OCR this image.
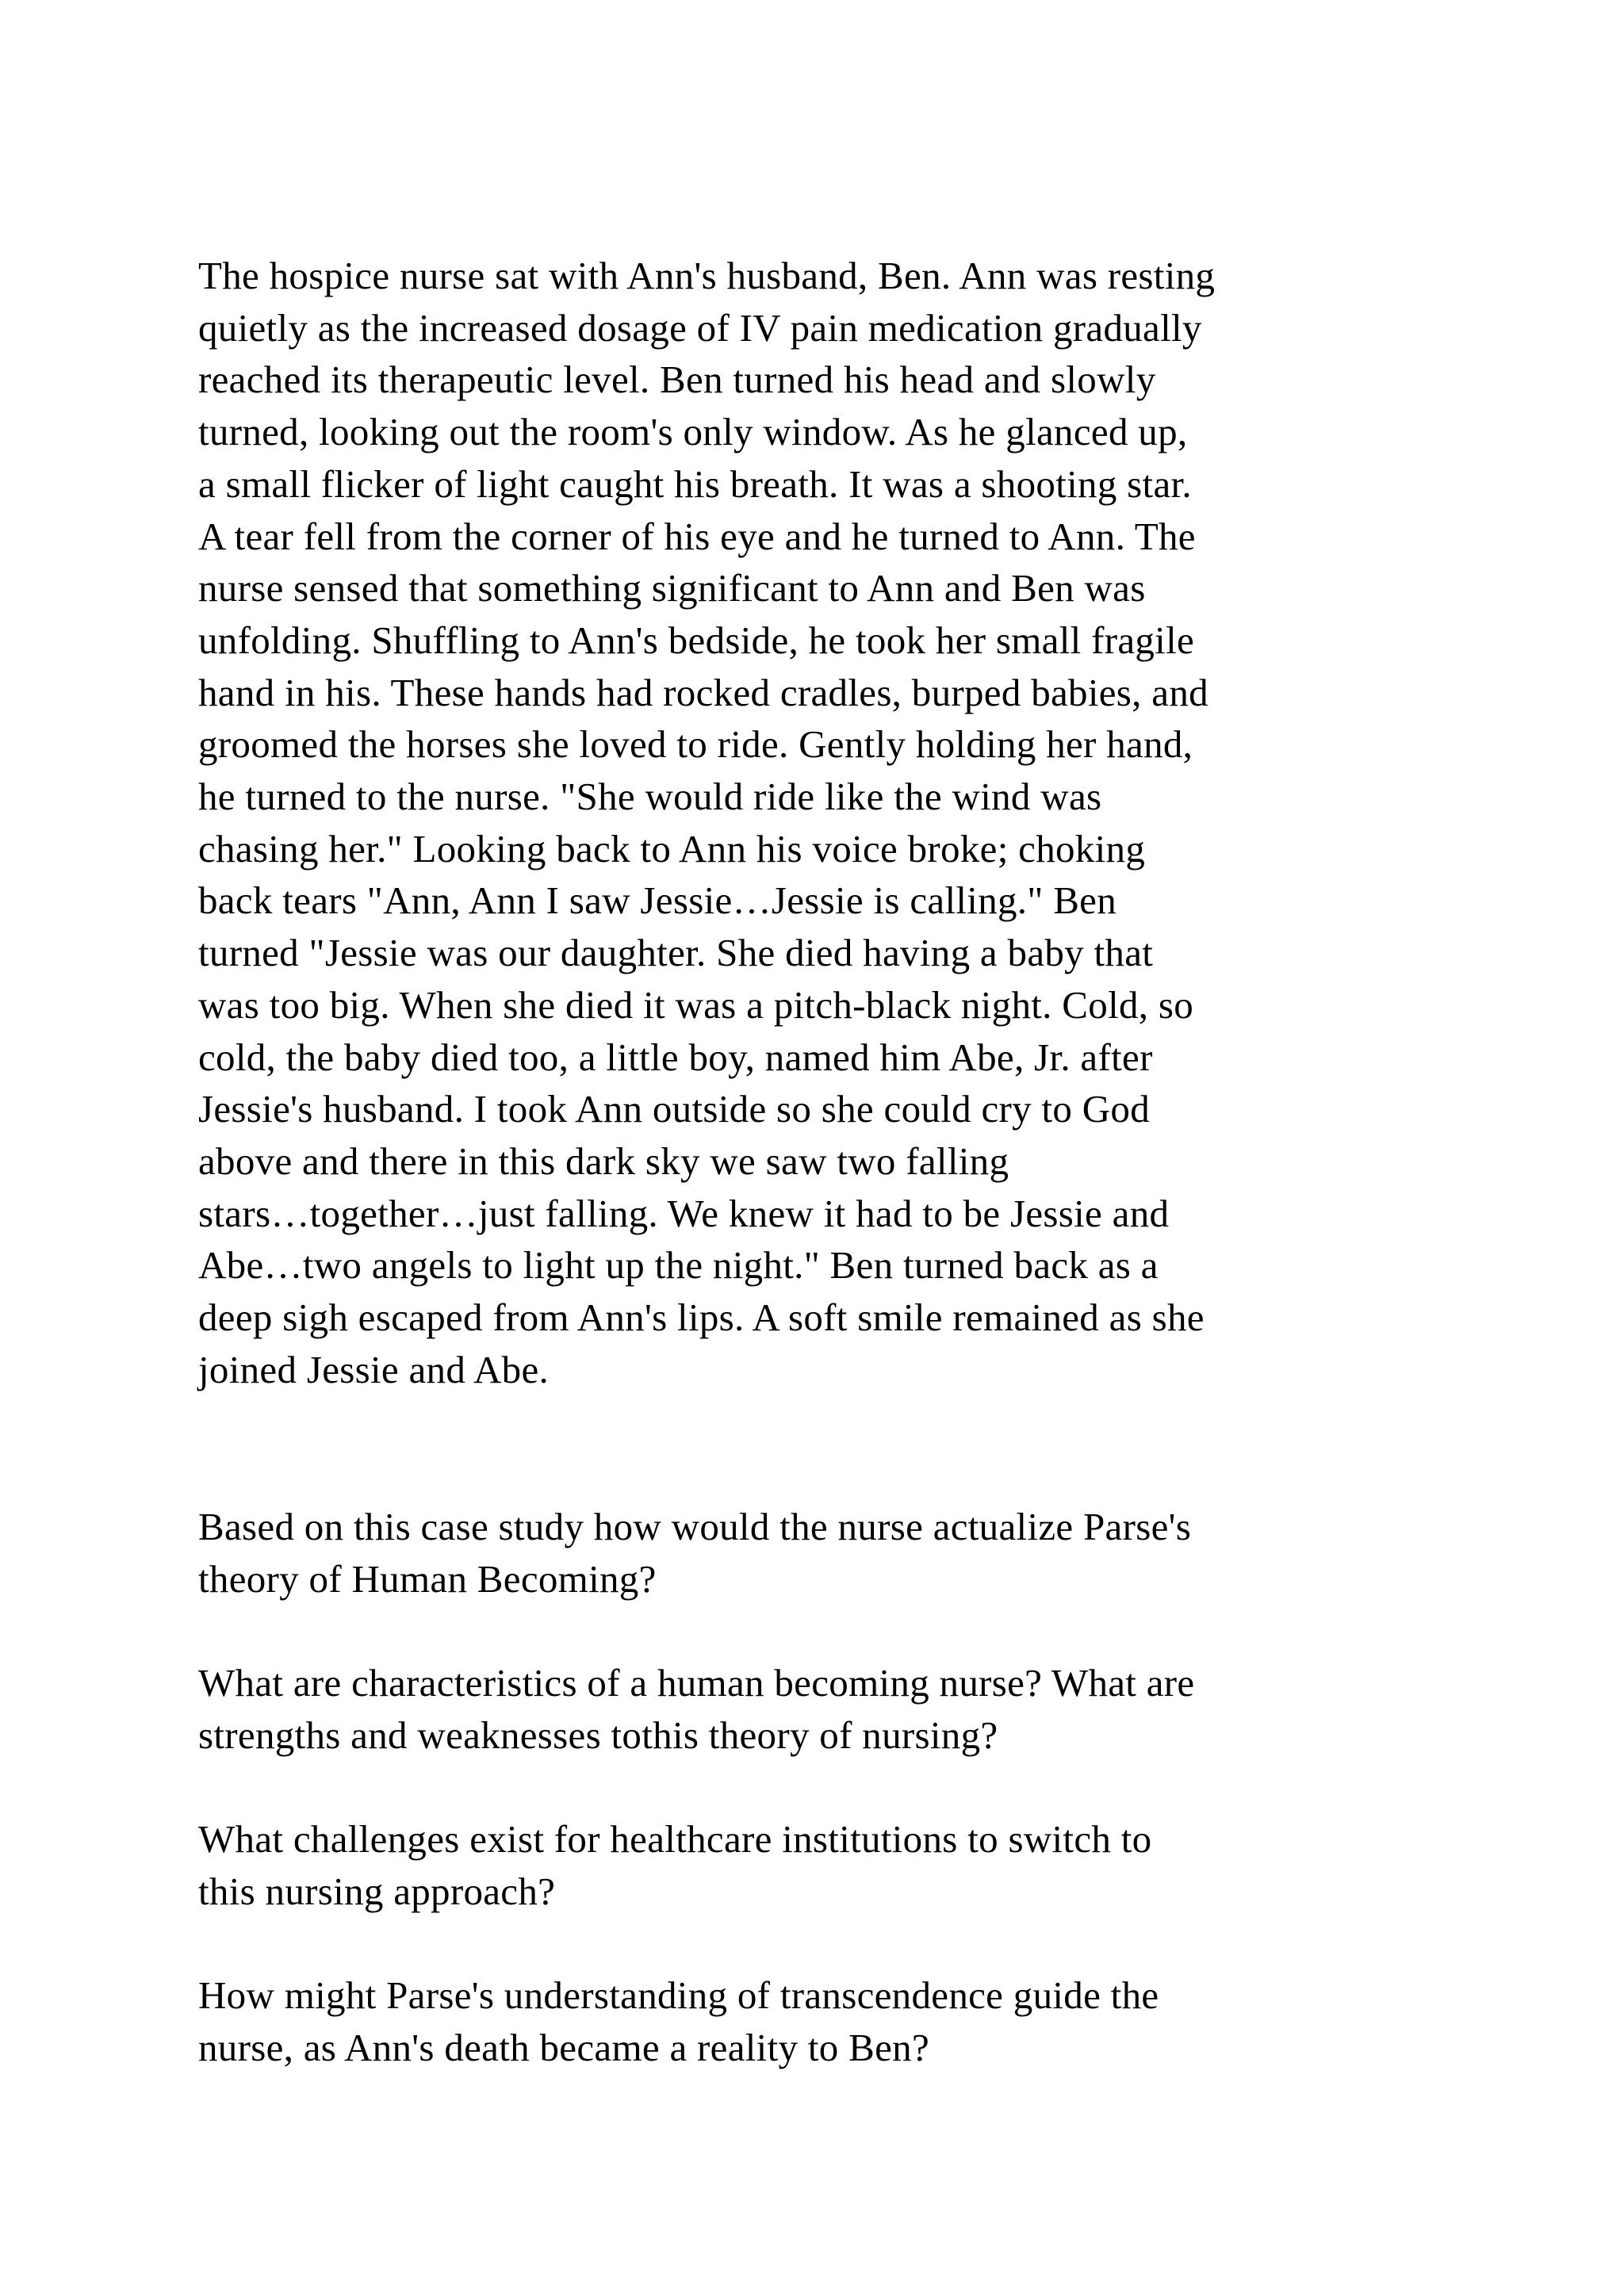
The hospice nurse sat with Ann's husband, Ben. Ann was resting
quietly as the increased dosage of IV pain medication gradually
reached its therapeutic level. Ben turned his head and slowly
turned, looking out the room's only window. As he glanced up,
a small flicker of light caught his breath. It was a shooting star.
A tear fell from the corner of his eye and he turned to Ann. The
nurse sensed that something significant to Ann and Ben was
unfolding. Shuffling to Ann's bedside, he took her small fragile
hand in his. These hands had rocked cradles, burped babies, and
groomed the horses she loved to ride. Gently holding her hand,
he turned to the nurse. "She would ride like the wind was
chasing her." Looking back to Ann his voice broke; choking
back tears "Ann, Ann I saw Jessie…Jessie is calling." Ben
turned "Jessie was our daughter. She died having a baby that
was too big. When she died it was a pitch-black night. Cold, so
cold, the baby died too, a little boy, named him Abe, Jr. after
Jessie's husband. I took Ann outside so she could cry to God
above and there in this dark sky we saw two falling
stars…together…just falling. We knew it had to be Jessie and
Abe…two angels to light up the night." Ben turned back as a
deep sigh escaped from Ann's lips. A soft smile remained as she
joined Jessie and Abe.

Based on this case study how would the nurse actualize Parse's
theory of Human Becoming?

What are characteristics of a human becoming nurse? What are
strengths and weaknesses tothis theory of nursing?

What challenges exist for healthcare institutions to switch to
this nursing approach?

How might Parse's understanding of transcendence guide the
nurse, as Ann's death became a reality to Ben?
